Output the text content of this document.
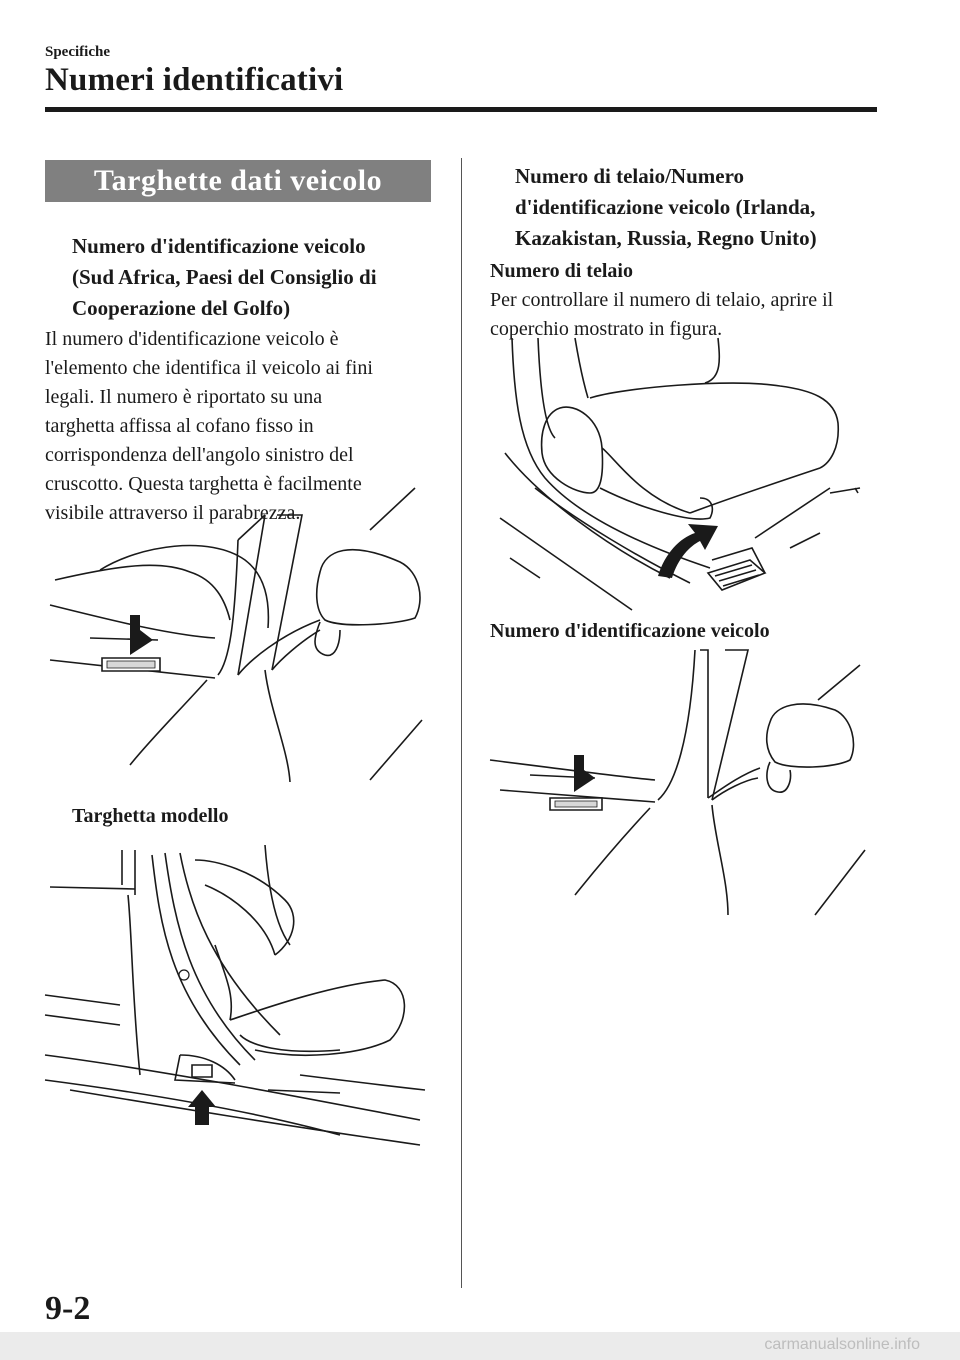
Specifiche
Numeri identificativi
Targhette dati veicolo
Numero d'identificazione veicolo
(Sud Africa, Paesi del Consiglio di
Cooperazione del Golfo)
Il numero d'identificazione veicolo è
l'elemento che identifica il veicolo ai fini
legali. Il numero è riportato su una
targhetta affissa al cofano fisso in
corrispondenza dell'angolo sinistro del
cruscotto. Questa targhetta è facilmente
visibile attraverso il parabrezza.
Targhetta modello
Numero di telaio/Numero
d'identificazione veicolo (Irlanda,
Kazakistan, Russia, Regno Unito)
Numero di telaio
Per controllare il numero di telaio, aprire il
coperchio mostrato in figura.
Numero d'identificazione veicolo
9-2
carmanualsonline.info
